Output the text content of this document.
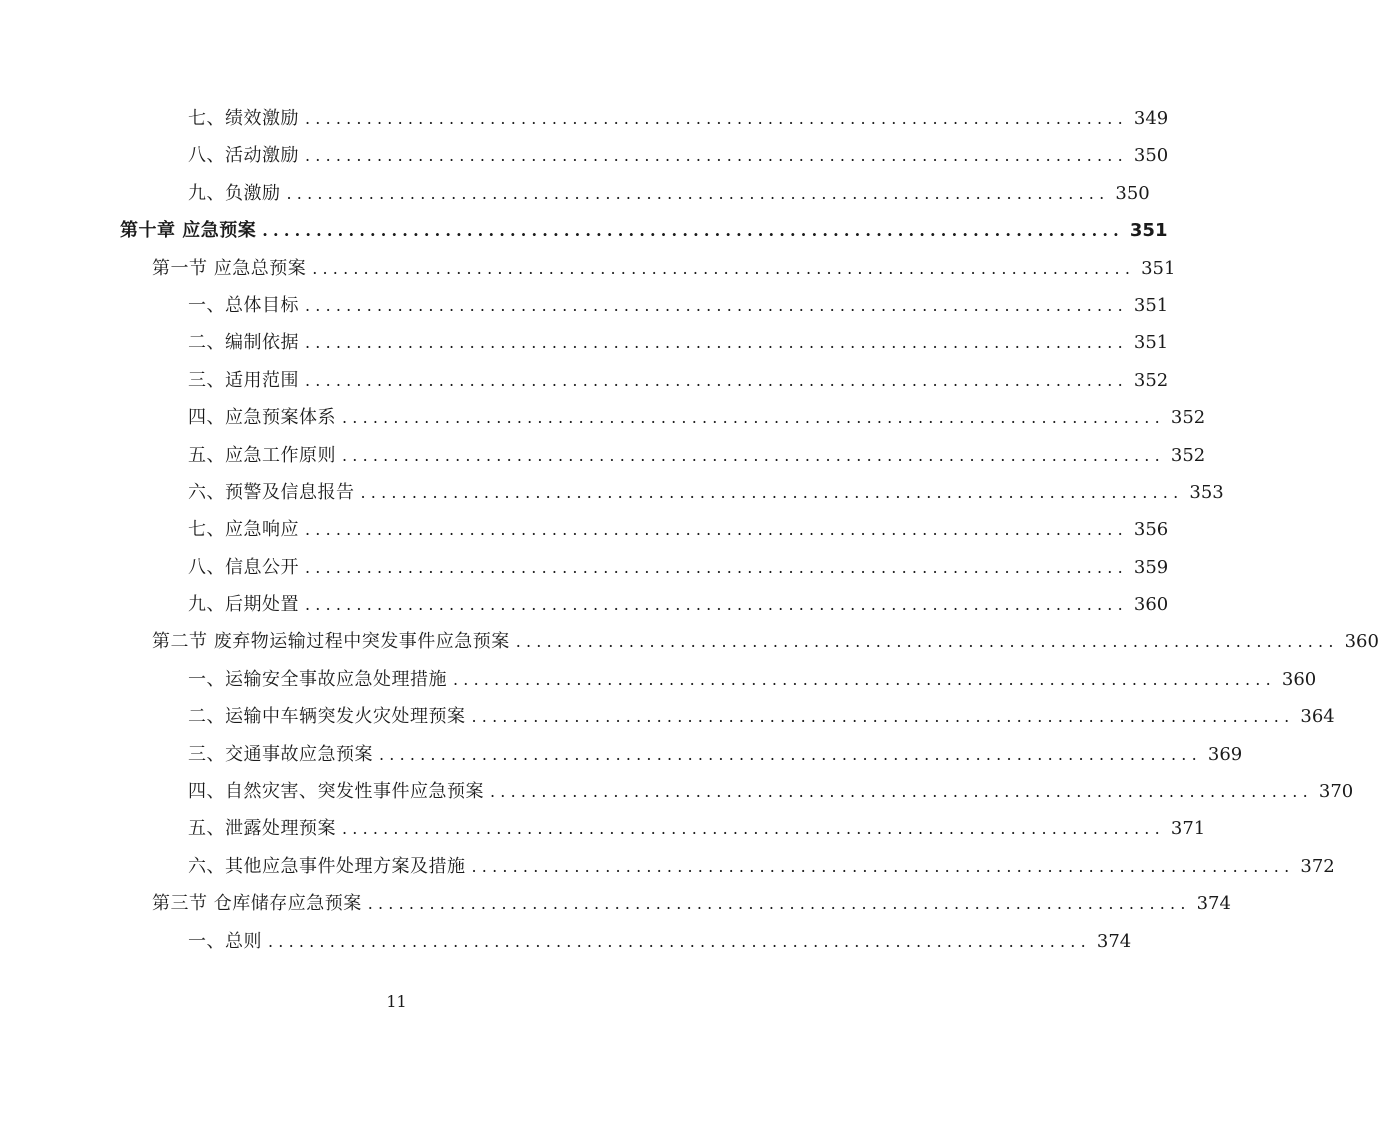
七、绩效激励 ................................................................................ 349
八、活动激励 ................................................................................ 350
九、负激励 ................................................................................ 350
第十章 应急预案 ................................................................................ 351
第一节 应急总预案 ................................................................................ 351
一、总体目标 ................................................................................ 351
二、编制依据 ................................................................................ 351
三、适用范围 ................................................................................ 352
四、应急预案体系 ................................................................................ 352
五、应急工作原则 ................................................................................ 352
六、预警及信息报告 ................................................................................ 353
七、应急响应 ................................................................................ 356
八、信息公开 ................................................................................ 359
九、后期处置 ................................................................................ 360
第二节 废弃物运输过程中突发事件应急预案 ................................................................................ 360
一、运输安全事故应急处理措施 ................................................................................ 360
二、运输中车辆突发火灾处理预案 ................................................................................ 364
三、交通事故应急预案 ................................................................................ 369
四、自然灾害、突发性事件应急预案 ................................................................................ 370
五、泄露处理预案 ................................................................................ 371
六、其他应急事件处理方案及措施 ................................................................................ 372
第三节 仓库储存应急预案 ................................................................................ 374
一、总则 ................................................................................ 374
11
